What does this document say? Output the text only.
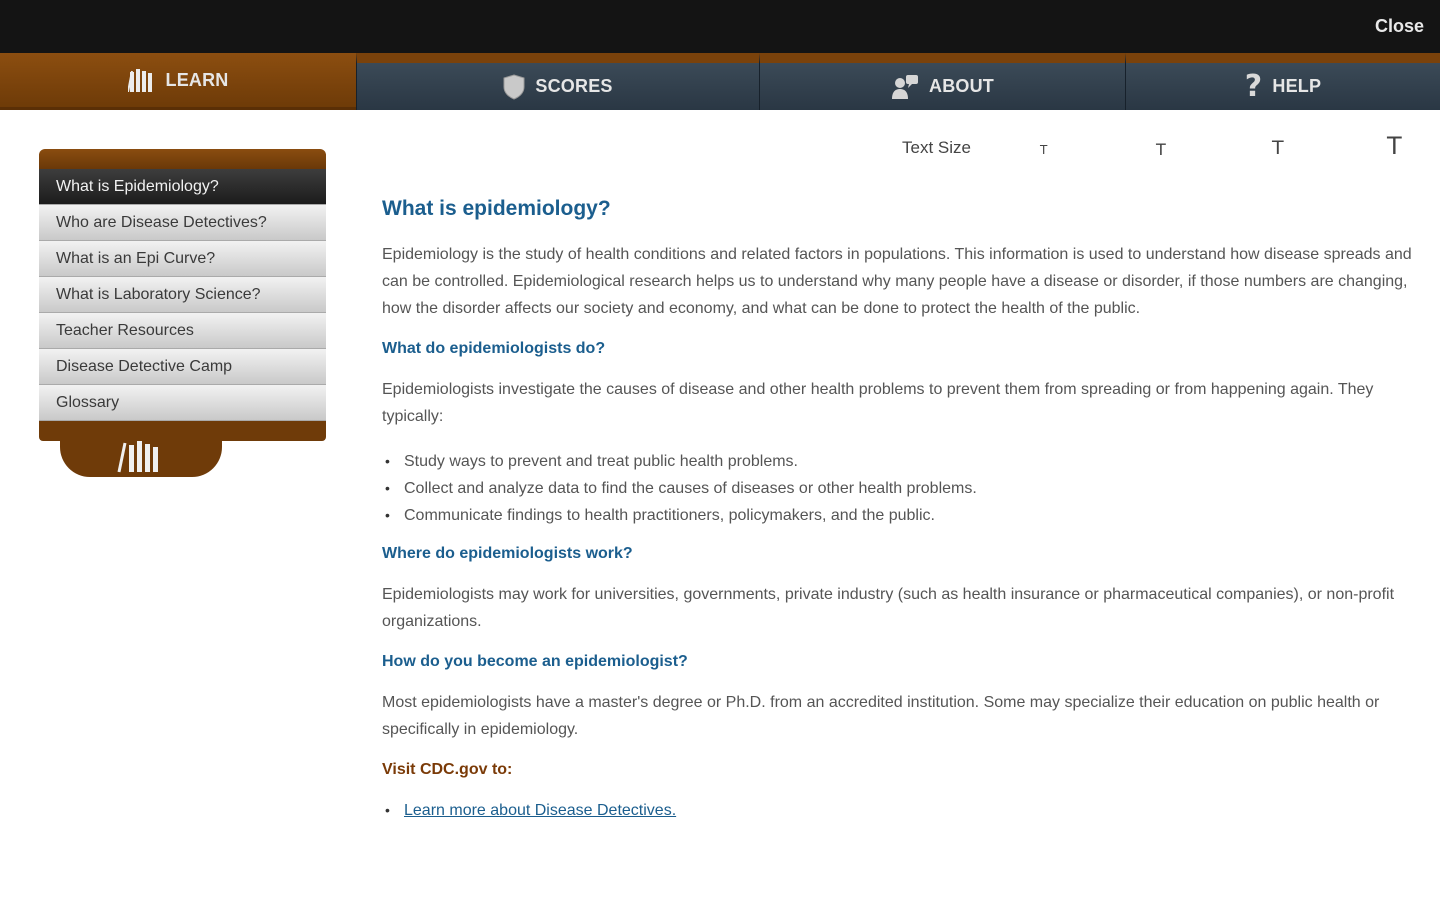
Close
LEARN	SCORES	ABOUT	? HELP
What is Epidemiology?
Who are Disease Detectives?
What is an Epi Curve?
What is Laboratory Science?
Teacher Resources
Disease Detective Camp
Glossary
Text Size	T	T	T	T
What is epidemiology?

Epidemiology is the study of health conditions and related factors in populations. This information is used to understand how disease spreads and can be controlled. Epidemiological research helps us to understand why many people have a disease or disorder, if those numbers are changing, how the disorder affects our society and economy, and what can be done to protect the health of the public.

What do epidemiologists do?

Epidemiologists investigate the causes of disease and other health problems to prevent them from spreading or from happening again. They typically:

• Study ways to prevent and treat public health problems.
• Collect and analyze data to find the causes of diseases or other health problems.
• Communicate findings to health practitioners, policymakers, and the public.
Where do epidemiologists work?

Epidemiologists may work for universities, governments, private industry (such as health insurance or pharmaceutical companies), or non-profit organizations.

How do you become an epidemiologist?

Most epidemiologists have a master's degree or Ph.D. from an accredited institution. Some may specialize their education on public health or specifically in epidemiology.

Visit CDC.gov to:
• Learn more about Disease Detectives.
